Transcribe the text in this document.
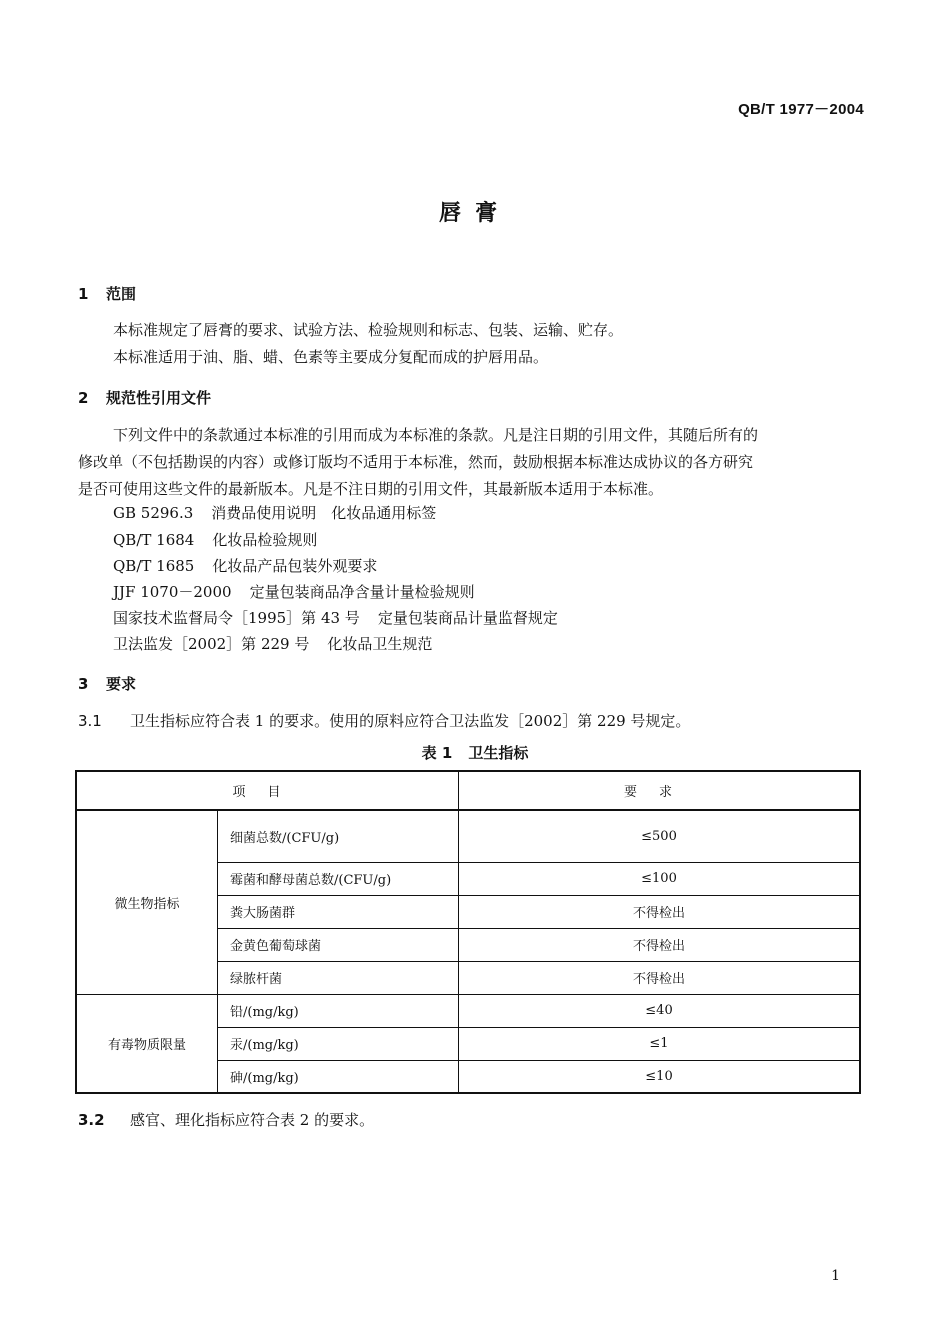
QB/T 1977－2004
唇膏
1 范围
本标准规定了唇膏的要求、试验方法、检验规则和标志、包装、运输、贮存。
本标准适用于油、脂、蜡、色素等主要成分复配而成的护唇用品。
2 规范性引用文件
下列文件中的条款通过本标准的引用而成为本标准的条款。凡是注日期的引用文件，其随后所有的
修改单（不包括勘误的内容）或修订版均不适用于本标准，然而，鼓励根据本标准达成协议的各方研究
是否可使用这些文件的最新版本。凡是不注日期的引用文件，其最新版本适用于本标准。
GB 5296.3 消费品使用说明　化妆品通用标签
QB/T 1684 化妆品检验规则
QB/T 1685 化妆品产品包装外观要求
JJF 1070－2000 定量包装商品净含量计量检验规则
国家技术监督局令［1995］第 43 号 定量包装商品计量监督规定
卫法监发［2002］第 229 号 化妆品卫生规范
3 要求
3.1 卫生指标应符合表 1 的要求。使用的原料应符合卫法监发［2002］第 229 号规定。
表 1 卫生指标
项目		要求
微生物指标	细菌总数/(CFU/g)	≤500
	霉菌和酵母菌总数/(CFU/g)	≤100
	粪大肠菌群	不得检出
	金黄色葡萄球菌	不得检出
	绿脓杆菌	不得检出
有毒物质限量	铅/(mg/kg)	≤40
	汞/(mg/kg)	≤1
	砷/(mg/kg)	≤10
3.2 感官、理化指标应符合表 2 的要求。
1
